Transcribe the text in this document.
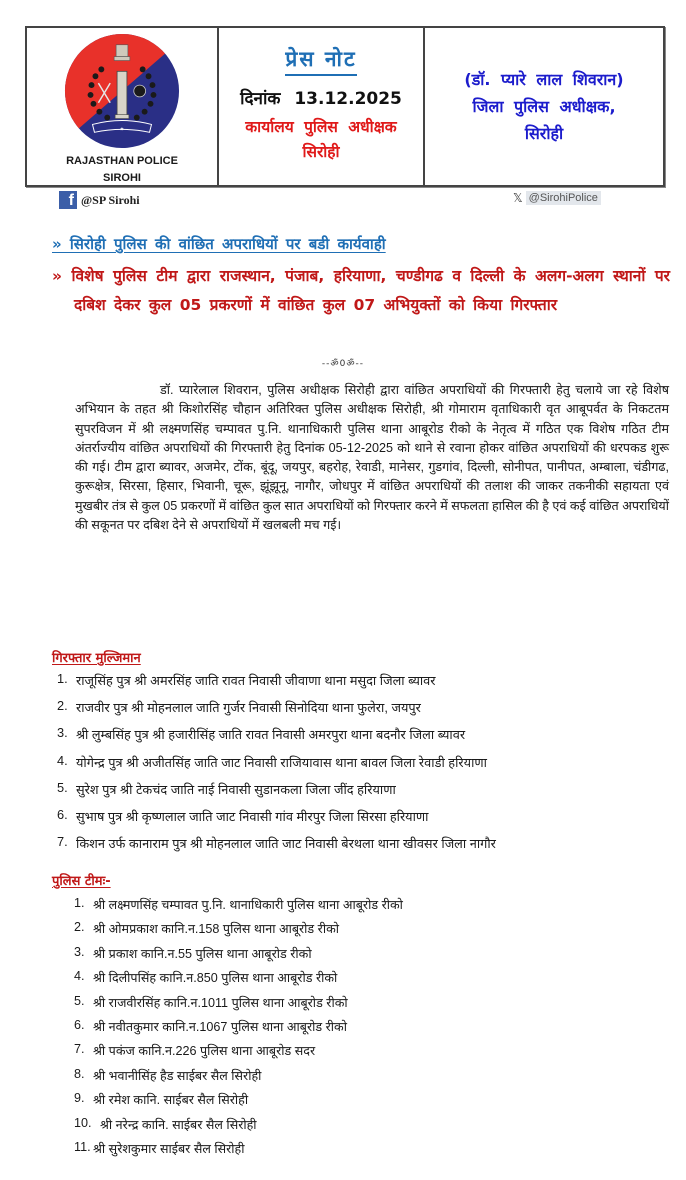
★
RAJASTHAN POLICE
SIROHI
प्रेस नोट
दिनांक 13.12.2025
कार्यालय पुलिस अधीक्षक
सिरोही
(डॉ. प्यारे लाल शिवरान)
जिला पुलिस अधीक्षक,
सिरोही
f @SP Sirohi	𝕏 @SirohiPolice
» सिरोही पुलिस की वांछित अपराधियों पर बडी कार्यवाही
» विशेष पुलिस टीम द्वारा राजस्थान, पंजाब, हरियाणा, चण्डीगढ व दिल्ली के अलग-अलग स्थानों पर दबिश देकर कुल 05 प्रकरणों में वांछित कुल 07 अभियुक्तों को किया गिरफ्तार
--ॐ0ॐ--
डॉ. प्यारेलाल शिवरान, पुलिस अधीक्षक सिरोही द्वारा वांछित अपराधियों की गिरफ्तारी हेतु चलाये जा रहे विशेष अभियान के तहत श्री किशोरसिंह चौहान अतिरिक्त पुलिस अधीक्षक सिरोही, श्री गोमाराम वृताधिकारी वृत आबूपर्वत के निकटतम सुपरविजन में श्री लक्ष्मणसिंह चम्पावत पु.नि. थानाधिकारी पुलिस थाना आबूरोड रीको के नेतृत्व में गठित एक विशेष गठित टीम अंतर्राज्यीय वांछित अपराधियों की गिरफ्तारी हेतु दिनांक 05-12-2025 को थाने से रवाना होकर वांछित अपराधियों की धरपकड शुरू की गई। टीम द्वारा ब्यावर, अजमेर, टोंक, बूंदू, जयपुर, बहरोह, रेवाडी, मानेसर, गुडगांव, दिल्ली, सोनीपत, पानीपत, अम्बाला, चंडीगढ, कुरूक्षेत्र, सिरसा, हिसार, भिवानी, चूरू, झूंझूनू, नागौर, जोधपुर में वांछित अपराधियों की तलाश की जाकर तकनीकी सहायता एवं मुखबीर तंत्र से कुल 05 प्रकरणों में वांछित कुल सात अपराधियों को गिरफ्तार करने में सफलता हासिल की है एवं कई वांछित अपराधियों की सकूनत पर दबिश देने से अपराधियों में खलबली मच गई।
गिरफ्तार मुल्जिमान
1. राजूसिंह पुत्र श्री अमरसिंह जाति रावत निवासी जीवाणा थाना मसुदा जिला ब्यावर
2. राजवीर पुत्र श्री मोहनलाल जाति गुर्जर निवासी सिनोदिया थाना फुलेरा, जयपुर
3. श्री लुम्बसिंह पुत्र श्री हजारीसिंह जाति रावत निवासी अमरपुरा थाना बदनौर जिला ब्यावर
4. योगेन्द्र पुत्र श्री अजीतसिंह जाति जाट निवासी राजियावास थाना बावल जिला रेवाडी हरियाणा
5. सुरेश पुत्र श्री टेकचंद जाति नाई निवासी सुडानकला जिला जींद हरियाणा
6. सुभाष पुत्र श्री कृष्णलाल जाति जाट निवासी गांव मीरपुर जिला सिरसा हरियाणा
7. किशन उर्फ कानाराम पुत्र श्री मोहनलाल जाति जाट निवासी बेरथला थाना खीवसर जिला नागौर
पुलिस टीमः-
1. श्री लक्ष्मणसिंह चम्पावत पु.नि. थानाधिकारी पुलिस थाना आबूरोड रीको
2. श्री ओमप्रकाश कानि.न.158 पुलिस थाना आबूरोड रीको
3. श्री प्रकाश कानि.न.55 पुलिस थाना आबूरोड रीको
4. श्री दिलीपसिंह कानि.न.850 पुलिस थाना आबूरोड रीको
5. श्री राजवीरसिंह कानि.न.1011 पुलिस थाना आबूरोड रीको
6. श्री नवीतकुमार कानि.न.1067 पुलिस थाना आबूरोड रीको
7. श्री पकंज कानि.न.226 पुलिस थाना आबूरोड सदर
8. श्री भवानीसिंह हैड साईबर सैल सिरोही
9. श्री रमेश कानि. साईबर सैल सिरोही
10. श्री नरेन्द्र कानि. साईबर सैल सिरोही
11. श्री सुरेशकुमार साईबर सैल सिरोही
